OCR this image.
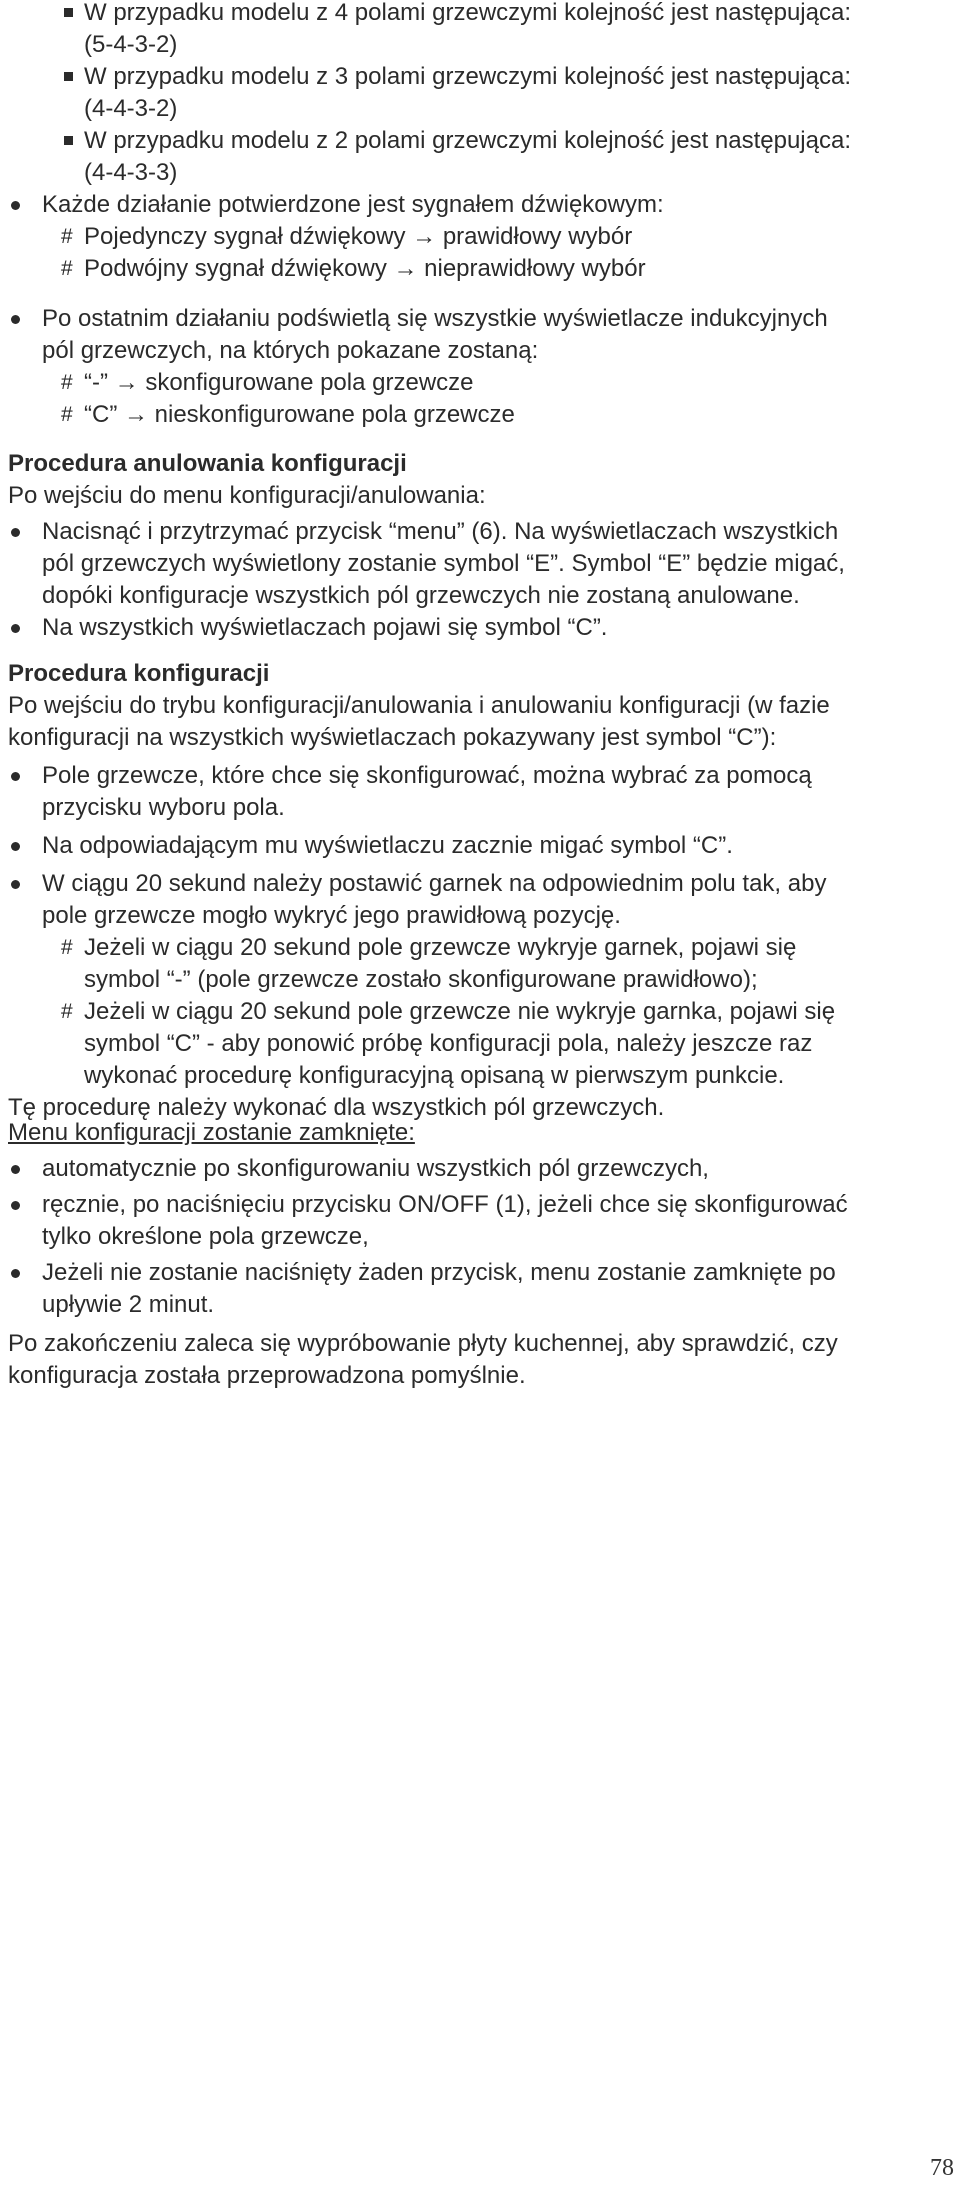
W przypadku modelu z 4 polami grzewczymi kolejność jest następująca:
(5-4-3-2)
W przypadku modelu z 3 polami grzewczymi kolejność jest następująca:
(4-4-3-2)
W przypadku modelu z 2 polami grzewczymi kolejność jest następująca:
(4-4-3-3)
Każde działanie potwierdzone jest sygnałem dźwiękowym:
# Pojedynczy sygnał dźwiękowy → prawidłowy wybór
# Podwójny sygnał dźwiękowy → nieprawidłowy wybór
Po ostatnim działaniu podświetlą się wszystkie wyświetlacze indukcyjnych
pól grzewczych, na których pokazane zostaną:
# “-” → skonfigurowane pola grzewcze
# “C” → nieskonfigurowane pola grzewcze
Procedura anulowania konfiguracji
Po wejściu do menu konfiguracji/anulowania:
Nacisnąć i przytrzymać przycisk “menu” (6). Na wyświetlaczach wszystkich
pól grzewczych wyświetlony zostanie symbol “E”. Symbol “E” będzie migać,
dopóki konfiguracje wszystkich pól grzewczych nie zostaną anulowane.
Na wszystkich wyświetlaczach pojawi się symbol “C”.
Procedura konfiguracji
Po wejściu do trybu konfiguracji/anulowania i anulowaniu konfiguracji (w fazie
konfiguracji na wszystkich wyświetlaczach pokazywany jest symbol “C”):
Pole grzewcze, które chce się skonfigurować, można wybrać za pomocą
przycisku wyboru pola.
Na odpowiadającym mu wyświetlaczu zacznie migać symbol “C”.
W ciągu 20 sekund należy postawić garnek na odpowiednim polu tak, aby
pole grzewcze mogło wykryć jego prawidłową pozycję.
# Jeżeli w ciągu 20 sekund pole grzewcze wykryje garnek, pojawi się
symbol “-” (pole grzewcze zostało skonfigurowane prawidłowo);
# Jeżeli w ciągu 20 sekund pole grzewcze nie wykryje garnka, pojawi się
symbol “C” - aby ponowić próbę konfiguracji pola, należy jeszcze raz
wykonać procedurę konfiguracyjną opisaną w pierwszym punkcie.
Tę procedurę należy wykonać dla wszystkich pól grzewczych.
Menu konfiguracji zostanie zamknięte:
automatycznie po skonfigurowaniu wszystkich pól grzewczych,
ręcznie, po naciśnięciu przycisku ON/OFF (1), jeżeli chce się skonfigurować
tylko określone pola grzewcze,
Jeżeli nie zostanie naciśnięty żaden przycisk, menu zostanie zamknięte po
upływie 2 minut.
Po zakończeniu zaleca się wypróbowanie płyty kuchennej, aby sprawdzić, czy
konfiguracja została przeprowadzona pomyślnie.
78
